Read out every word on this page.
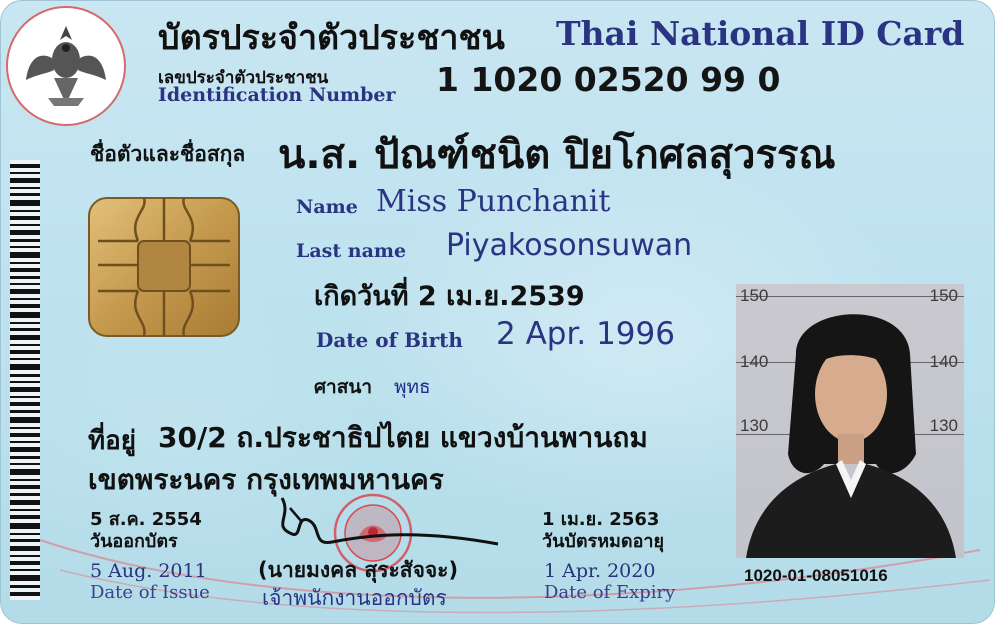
บัตรประจำตัวประชาชน Thai National ID Card
เลขประจำตัวประชาชน
Identification Number 1 1020 02520 99 0
ชื่อตัวและชื่อสกุล น.ส. ปัณฑ์ชนิต ปิยโกศลสุวรรณ
Name Miss Punchanit
Last name Piyakosonsuwan
เกิดวันที่ 2 เม.ย.2539
Date of Birth 2 Apr. 1996
ศาสนา พุทธ
ที่อยู่ 30/2 ถ.ประชาธิปไตย แขวงบ้านพานถม
เขตพระนคร กรุงเทพมหานคร
5 ส.ค. 2554
วันออกบัตร
5 Aug. 2011
Date of Issue
(นายมงคล สุระสัจจะ)
เจ้าพนักงานออกบัตร
1 เม.ย. 2563
วันบัตรหมดอายุ
1 Apr. 2020
Date of Expiry
150	150
140	140
130	130
1020-01-08051016
